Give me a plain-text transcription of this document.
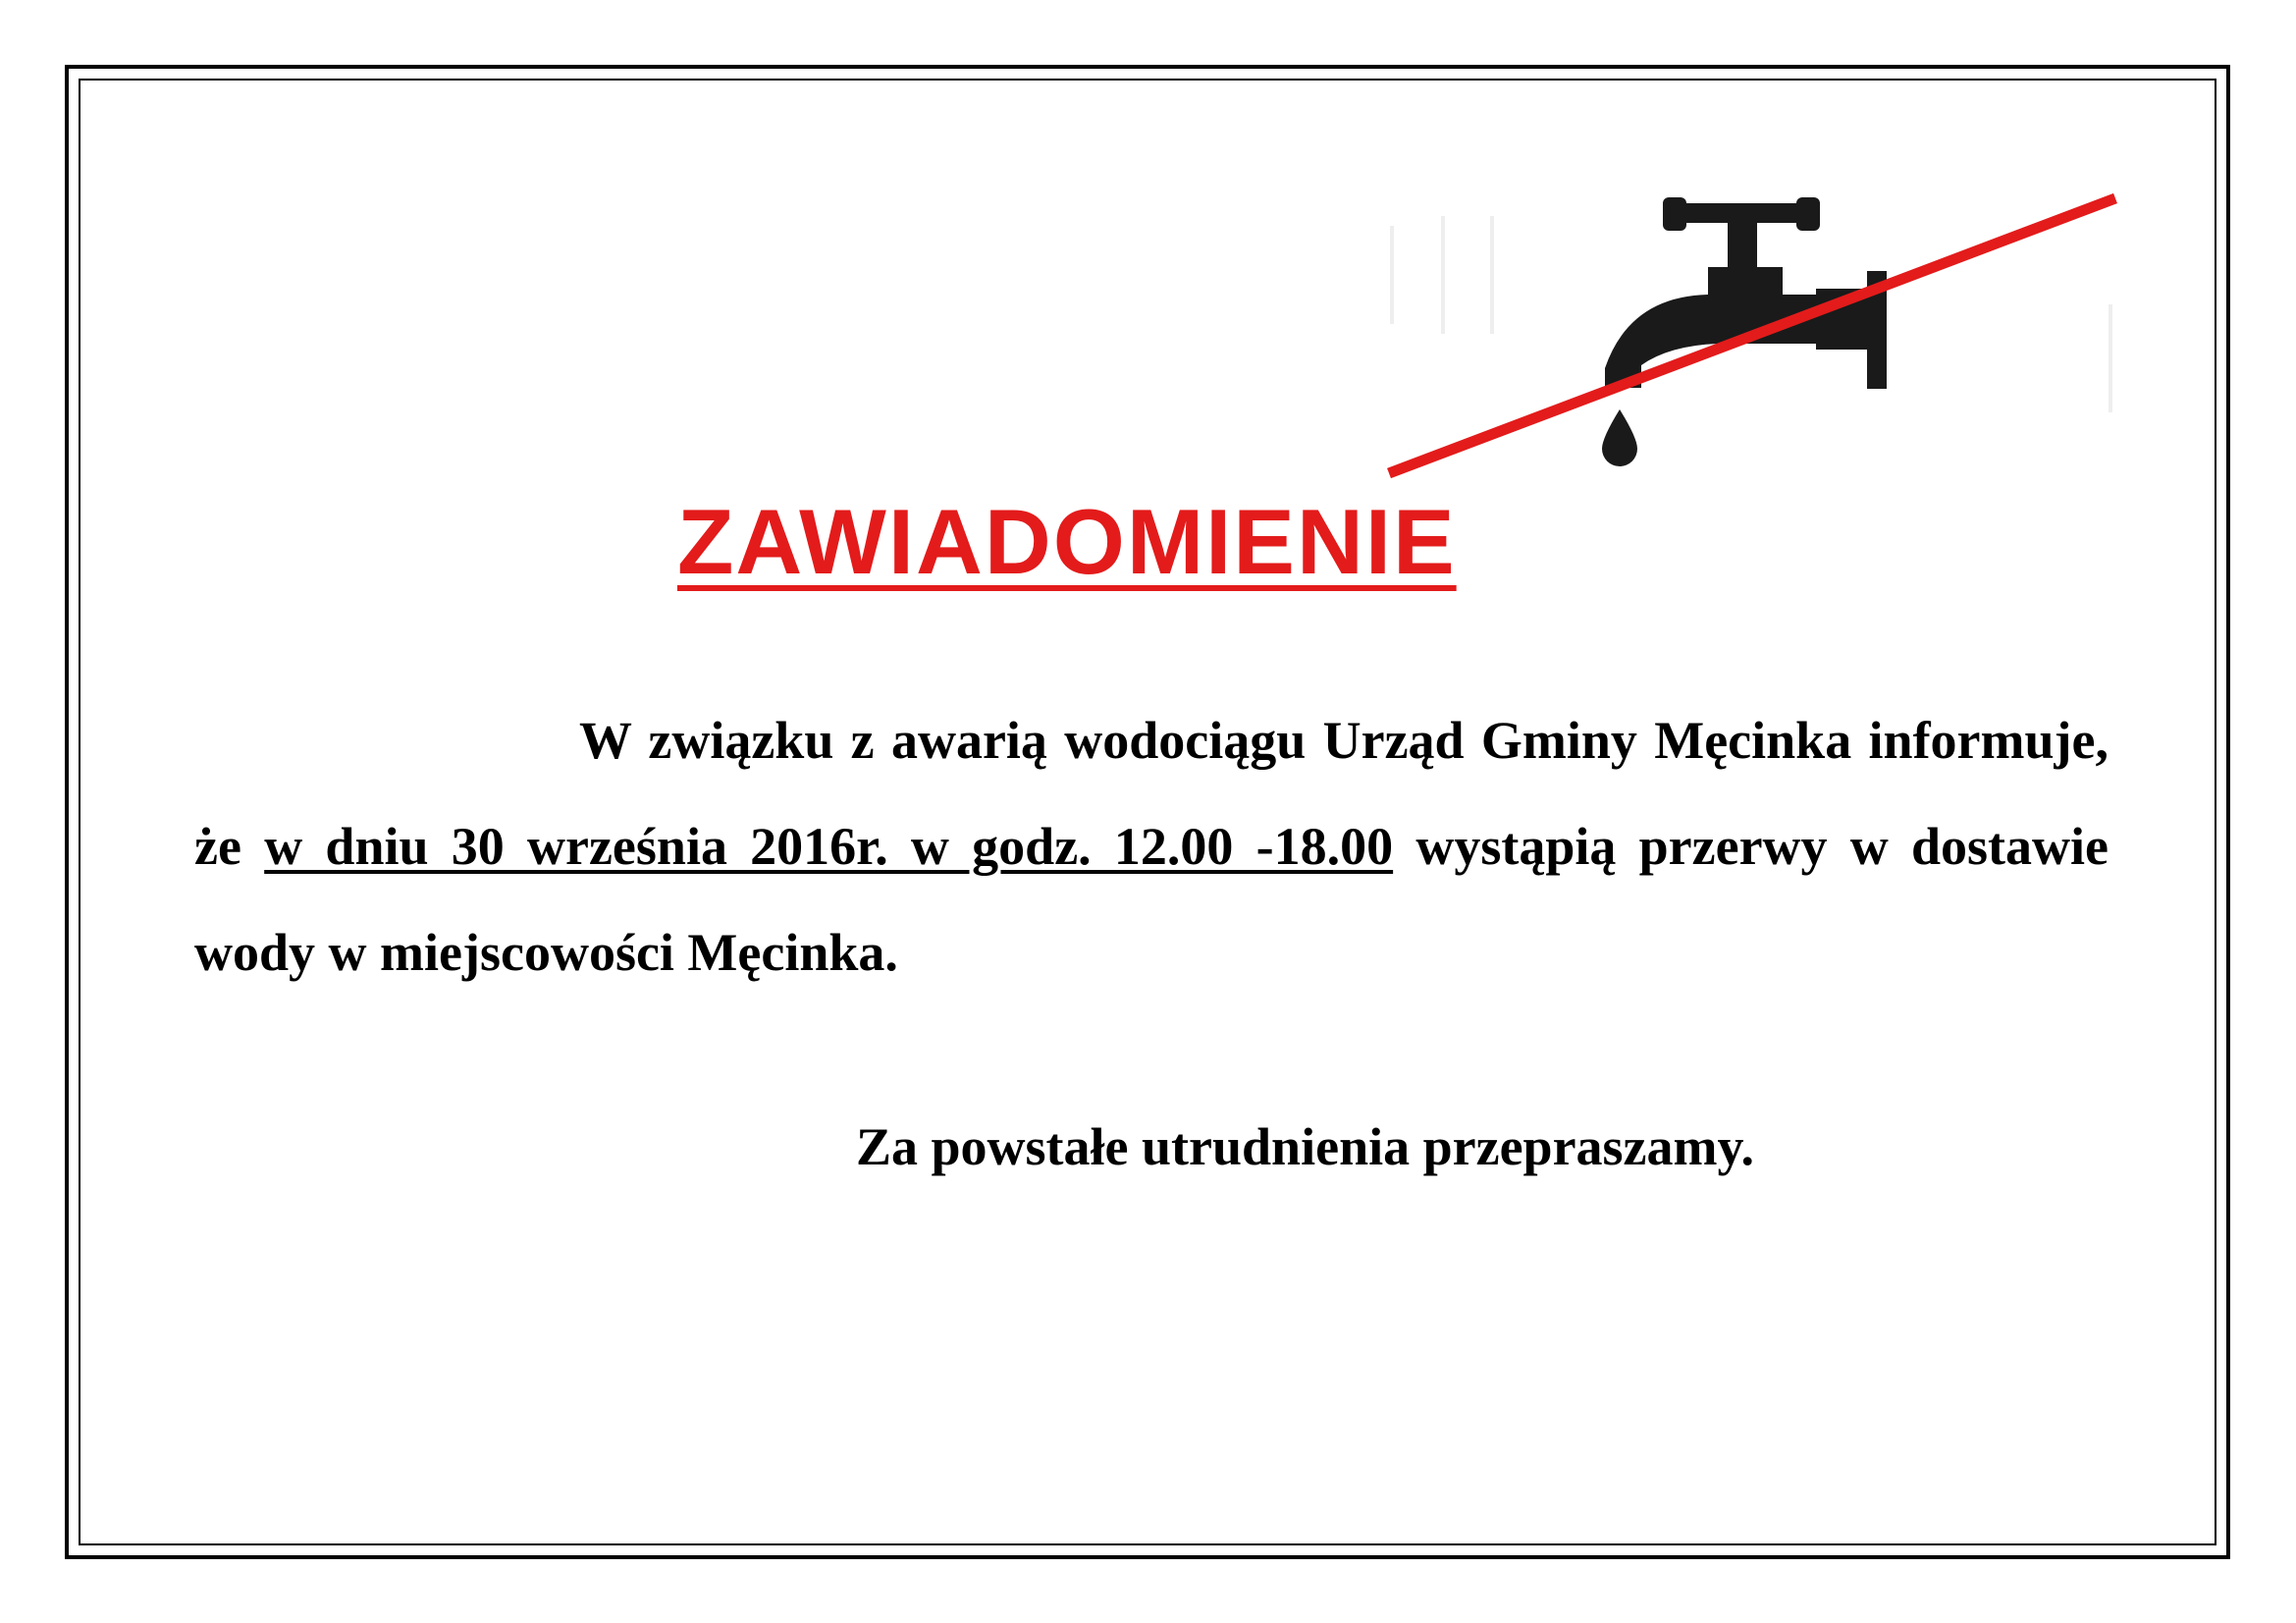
ZAWIADOMIENIE

W związku z awarią wodociągu Urząd Gminy Męcinka informuje, że w dniu 30 września 2016r. w godz. 12.00 -18.00 wystąpią przerwy w dostawie wody w miejscowości Męcinka.

Za powstałe utrudnienia przepraszamy.
